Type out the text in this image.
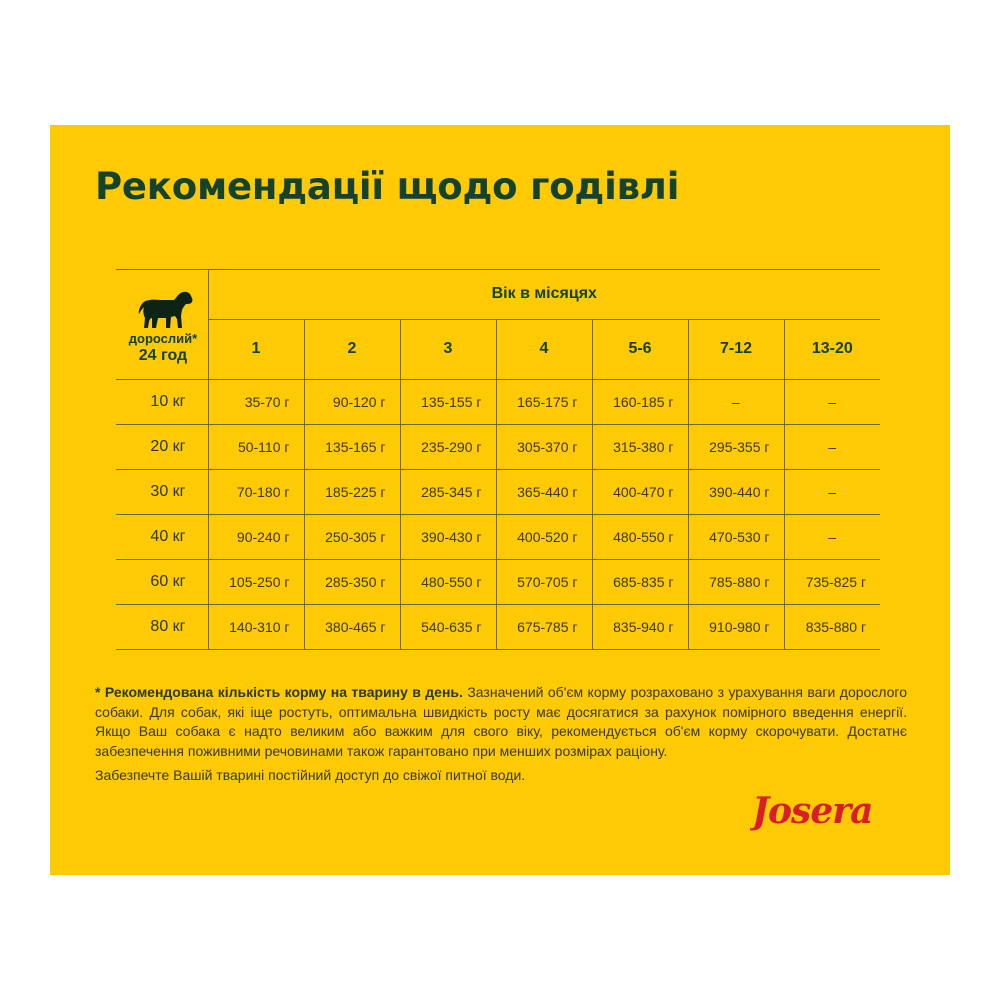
Рекомендації щодо годівлі
дорослий*
24 год	Вік в місяцях						
	1	2	3	4	5-6	7-12	13-20
10 кг	35-70 г	90-120 г	135-155 г	165-175 г	160-185 г	–	–
20 кг	50-110 г	135-165 г	235-290 г	305-370 г	315-380 г	295-355 г	–
30 кг	70-180 г	185-225 г	285-345 г	365-440 г	400-470 г	390-440 г	–
40 кг	90-240 г	250-305 г	390-430 г	400-520 г	480-550 г	470-530 г	–
60 кг	105-250 г	285-350 г	480-550 г	570-705 г	685-835 г	785-880 г	735-825 г
80 кг	140-310 г	380-465 г	540-635 г	675-785 г	835-940 г	910-980 г	835-880 г

* Рекомендована кількість корму на тварину в день. Зазначений об'єм корму розраховано з урахування ваги дорослого собаки. Для собак, які іще ростуть, оптимальна швидкість росту має досягатися за рахунок помірного введення енергії. Якщо Ваш собака є надто великим або важким для свого віку, рекомендується об'єм корму скорочувати. Достатнє забезпечення поживними речовинами також гарантовано при менших розмірах раціону.

Забезпечте Вашій тварині постійний доступ до свіжої питної води.

Josera
